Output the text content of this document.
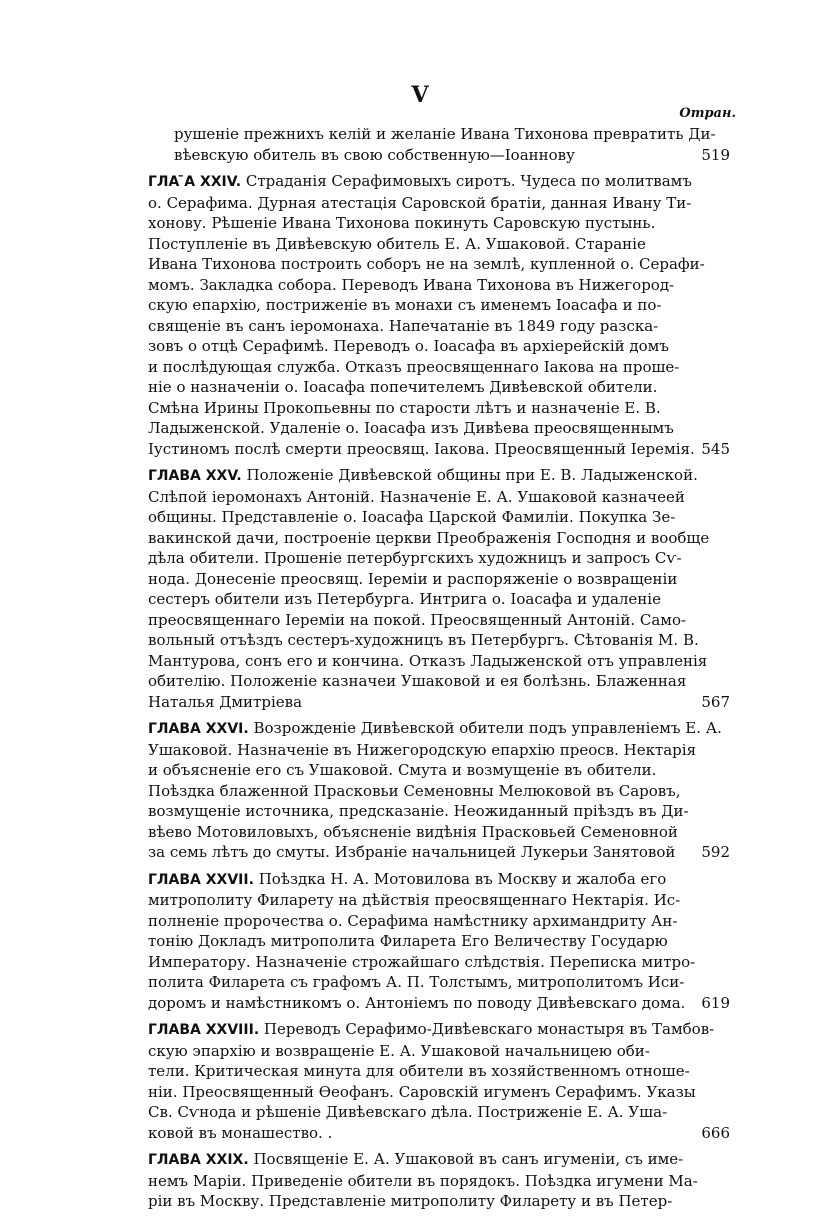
V
Отран.
рушеніе прежнихъ келій и желаніе Ивана Тихонова превратить Ди-
вѣевскую обитель въ свою собственную—Іоаннову	519
ГЛА ̄А XXIV. Страданія Серафимовыхъ сиротъ. Чудеса по молитвамъ
о. Серафима. Дурная атестація Саровской братіи, данная Ивану Ти-
хонову. Рѣшеніе Ивана Тихонова покинуть Саровскую пустынь.
Поступленіе въ Дивѣевскую обитель Е. А. Ушаковой. Стараніе
Ивана Тихонова построить соборъ не на землѣ, купленной о. Серафи-
момъ. Закладка собора. Переводъ Ивана Тихонова въ Нижегород-
скую епархію, постриженіе въ монахи съ именемъ Іоасафа и по-
священіе въ санъ іеромонаха. Напечатаніе въ 1849 году разска-
зовъ о отцѣ Серафимѣ. Переводъ о. Іоасафа въ архіерейскій домъ
и послѣдующая служба. Отказъ преосвященнаго Іакова на проше-
ніе о назначеніи о. Іоасафа попечителемъ Дивѣевской обители.
Смѣна Ирины Прокопьевны по старости лѣтъ и назначеніе Е. В.
Ладыженской. Удаленіе о. Іоасафа изъ Дивѣева преосвященнымъ
Іустиномъ послѣ смерти преосвящ. Іакова. Преосвященный Іеремія. 545
ГЛАВА XXV. Положеніе Дивѣевской общины при Е. В. Ладыженской.
Слѣпой іеромонахъ Антоній. Назначеніе Е. А. Ушаковой казначеей
общины. Представленіе о. Іоасафа Царской Фамиліи. Покупка Зе-
вакинской дачи, построеніе церкви Преображенія Господня и вообще
дѣла обители. Прошеніе петербургскихъ художницъ и запросъ Сѵ-
нода. Донесеніе преосвящ. Іереміи и распоряженіе о возвращеніи
сестеръ обители изъ Петербурга. Интрига о. Іоасафа и удаленіе
преосвященнаго Іереміи на покой. Преосвященный Антоній. Само-
вольный отъѣздъ сестеръ-художницъ въ Петербургъ. Сѣтованія М. В.
Мантурова, сонъ его и кончина. Отказъ Ладыженской отъ управленія
обителію. Положеніе казначеи Ушаковой и ея болѣзнь. Блаженная
Наталья Дмитріева	567
ГЛАВА XXVI. Возрожденіе Дивѣевской обители подъ управленіемъ Е. А.
Ушаковой. Назначеніе въ Нижегородскую епархію преосв. Нектарія
и объясненіе его съ Ушаковой. Смута и возмущеніе въ обители.
Поѣздка блаженной Прасковьи Семеновны Мелюковой въ Саровъ,
возмущеніе источника, предсказаніе. Неожиданный пріѣздъ въ Ди-
вѣево Мотовиловыхъ, объясненіе видѣнія Прасковьей Семеновной
за семь лѣтъ до смуты. Избраніе начальницей Лукерьи Занятовой	592
ГЛАВА XXVII. Поѣздка Н. А. Мотовилова въ Москву и жалоба его
митрополиту Филарету на дѣйствія преосвященнаго Нектарія. Ис-
полненіе пророчества о. Серафима намѣстнику архимандриту Ан-
тонію Докладъ митрополита Филарета Его Величеству Государю
Императору. Назначеніе строжайшаго слѣдствія. Переписка митро-
полита Филарета съ графомъ А. П. Толстымъ, митрополитомъ Иси-
доромъ и намѣстникомъ о. Антоніемъ по поводу Дивѣевскаго дома.	619
ГЛАВА XXVIII. Переводъ Серафимо-Дивѣевскаго монастыря въ Тамбов-
скую эпархію и возвращеніе Е. А. Ушаковой начальницею оби-
тели. Критическая минута для обители въ хозяйственномъ отноше-
ніи. Преосвященный Ѳеофанъ. Саровскій игуменъ Серафимъ. Указы
Св. Сѵнода и рѣшеніе Дивѣевскаго дѣла. Постриженіе Е. А. Уша-
ковой въ монашество. .	666
ГЛАВА XXIX. Посвященіе Е. А. Ушаковой въ санъ игуменіи, съ име-
немъ Маріи. Приведеніе обители въ порядокъ. Поѣздка игумени Ма-
ріи въ Москву. Представленіе митрополиту Филарету и въ Петер-
